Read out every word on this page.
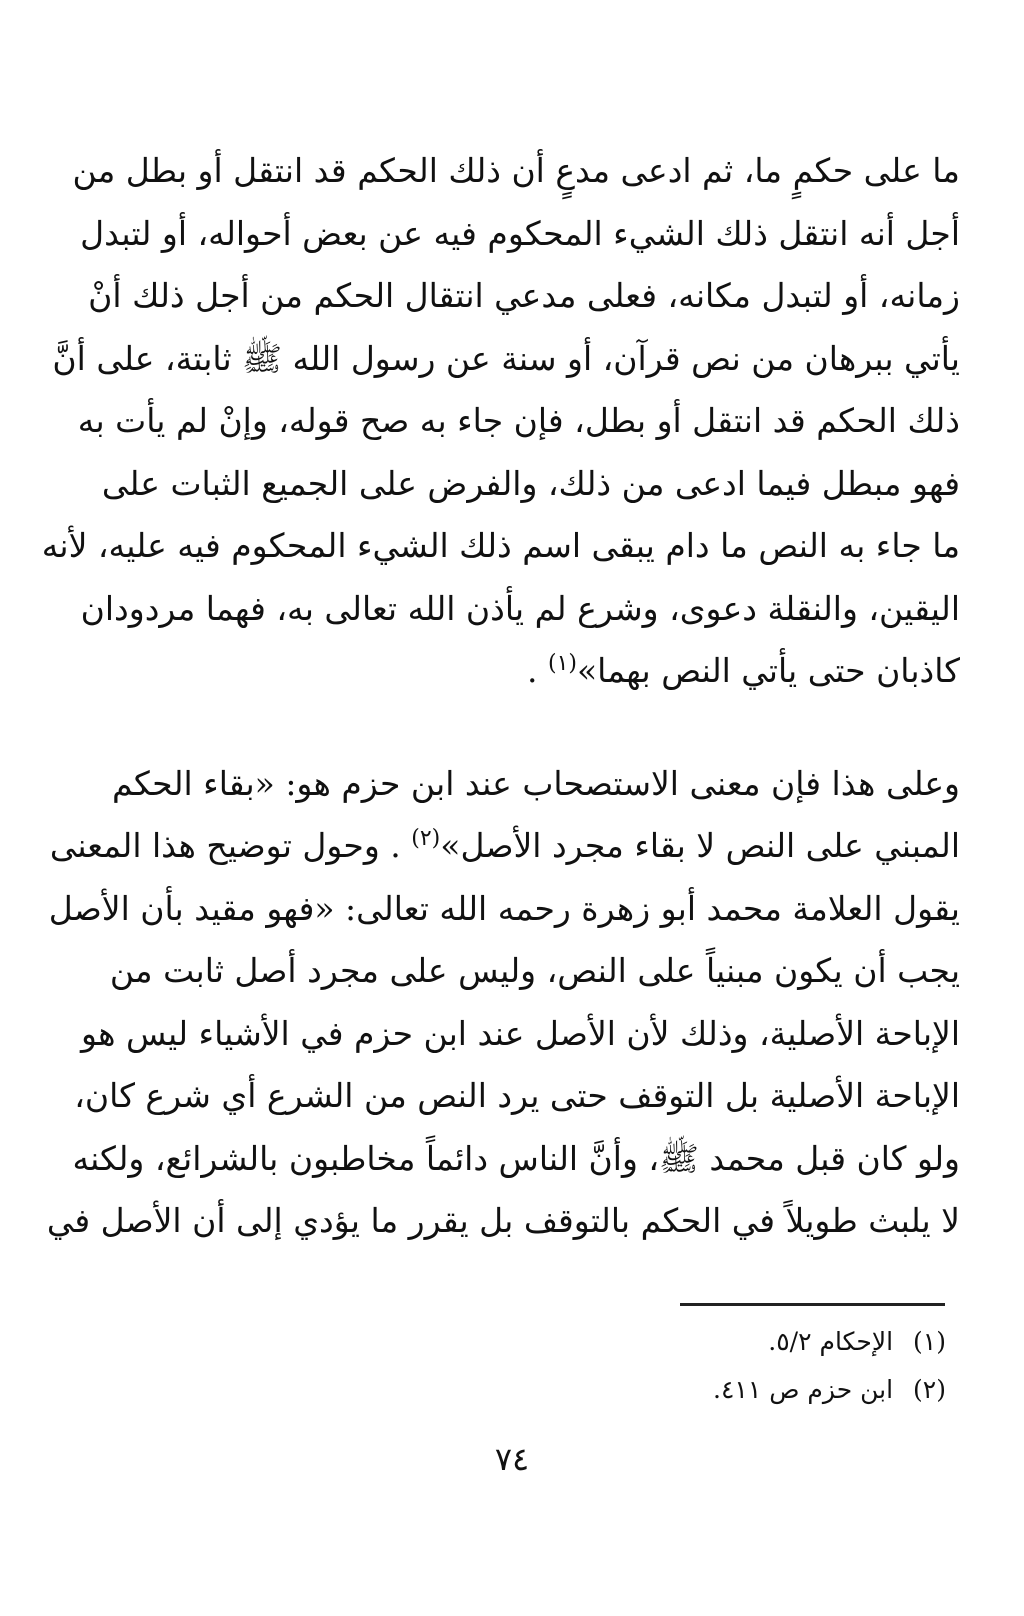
ما على حكمٍ ما، ثم ادعى مدعٍ أن ذلك الحكم قد انتقل أو بطل من
أجل أنه انتقل ذلك الشيء المحكوم فيه عن بعض أحواله، أو لتبدل
زمانه، أو لتبدل مكانه، فعلى مدعي انتقال الحكم من أجل ذلك أنْ
يأتي ببرهان من نص قرآن، أو سنة عن رسول الله ﷺ ثابتة، على أنَّ
ذلك الحكم قد انتقل أو بطل، فإن جاء به صح قوله، وإنْ لم يأت به
فهو مبطل فيما ادعى من ذلك، والفرض على الجميع الثبات على
ما جاء به النص ما دام يبقى اسم ذلك الشيء المحكوم فيه عليه، لأنه
اليقين، والنقلة دعوى، وشرع لم يأذن الله تعالى به، فهما مردودان
كاذبان حتى يأتي النص بهما»$^{(١)}$ .

وعلى هذا فإن معنى الاستصحاب عند ابن حزم هو: «بقاء الحكم
المبني على النص لا بقاء مجرد الأصل»$^{(٢)}$ . وحول توضيح هذا المعنى
يقول العلامة محمد أبو زهرة رحمه الله تعالى: «فهو مقيد بأن الأصل
يجب أن يكون مبنياً على النص، وليس على مجرد أصل ثابت من
الإباحة الأصلية، وذلك لأن الأصل عند ابن حزم في الأشياء ليس هو
الإباحة الأصلية بل التوقف حتى يرد النص من الشرع أي شرع كان،
ولو كان قبل محمد ﷺ، وأنَّ الناس دائماً مخاطبون بالشرائع، ولكنه
لا يلبث طويلاً في الحكم بالتوقف بل يقرر ما يؤدي إلى أن الأصل في

(١)الإحكام ٥/٢.
(٢)ابن حزم ص ٤١١.
٧٤
